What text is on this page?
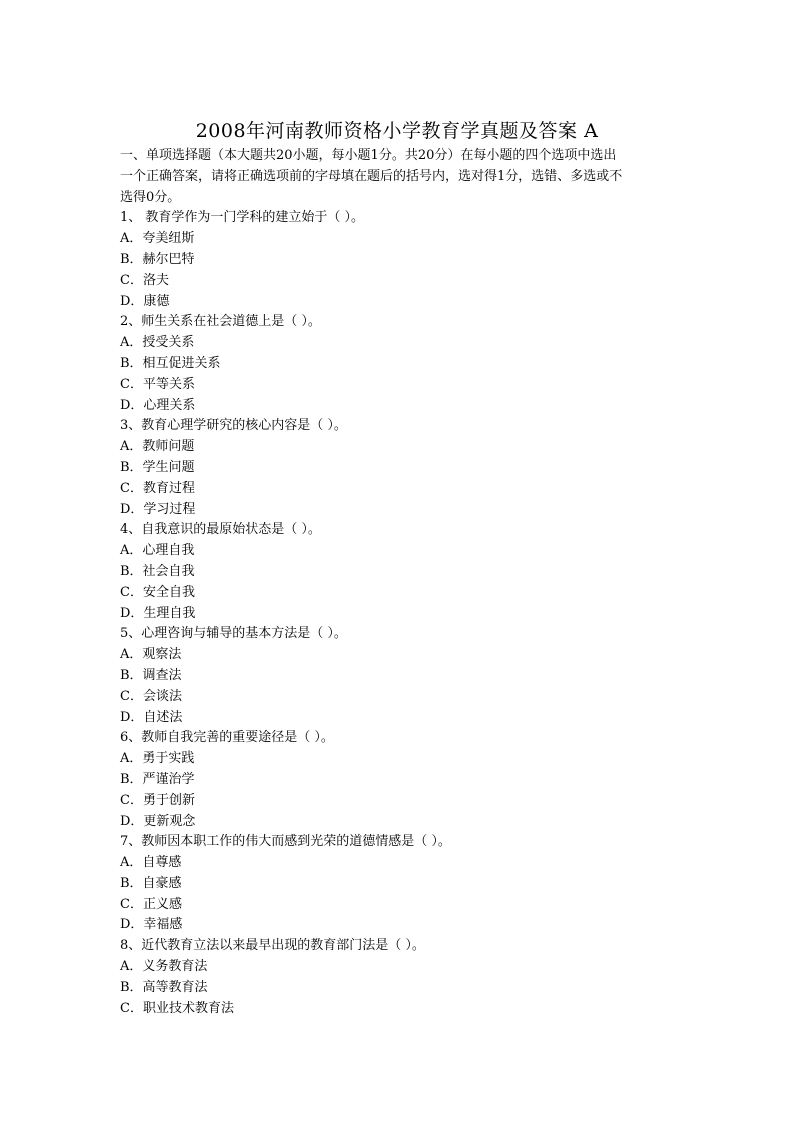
2008年河南教师资格小学教育学真题及答案 A
一、单项选择题（本大题共20小题，每小题1分。共20分）在每小题的四个选项中选出
一个正确答案，请将正确选项前的字母填在题后的括号内，选对得1分，选错、多选或不
选得0分。
1、 教育学作为一门学科的建立始于（ ）。
A．夸美纽斯
B．赫尔巴特
C．洛夫
D．康德
2、师生关系在社会道德上是（ ）。
A．授受关系
B．相互促进关系
C．平等关系
D．心理关系
3、教育心理学研究的核心内容是（ ）。
A．教师问题
B．学生问题
C．教育过程
D．学习过程
4、自我意识的最原始状态是（ ）。
A．心理自我
B．社会自我
C．安全自我
D．生理自我
5、心理咨询与辅导的基本方法是（ ）。
A．观察法
B．调查法
C．会谈法
D．自述法
6、教师自我完善的重要途径是（ ）。
A．勇于实践
B．严谨治学
C．勇于创新
D．更新观念
7、教师因本职工作的伟大而感到光荣的道德情感是（ ）。
A．自尊感
B．自豪感
C．正义感
D．幸福感
8、近代教育立法以来最早出现的教育部门法是（ ）。
A．义务教育法
B．高等教育法
C．职业技术教育法
